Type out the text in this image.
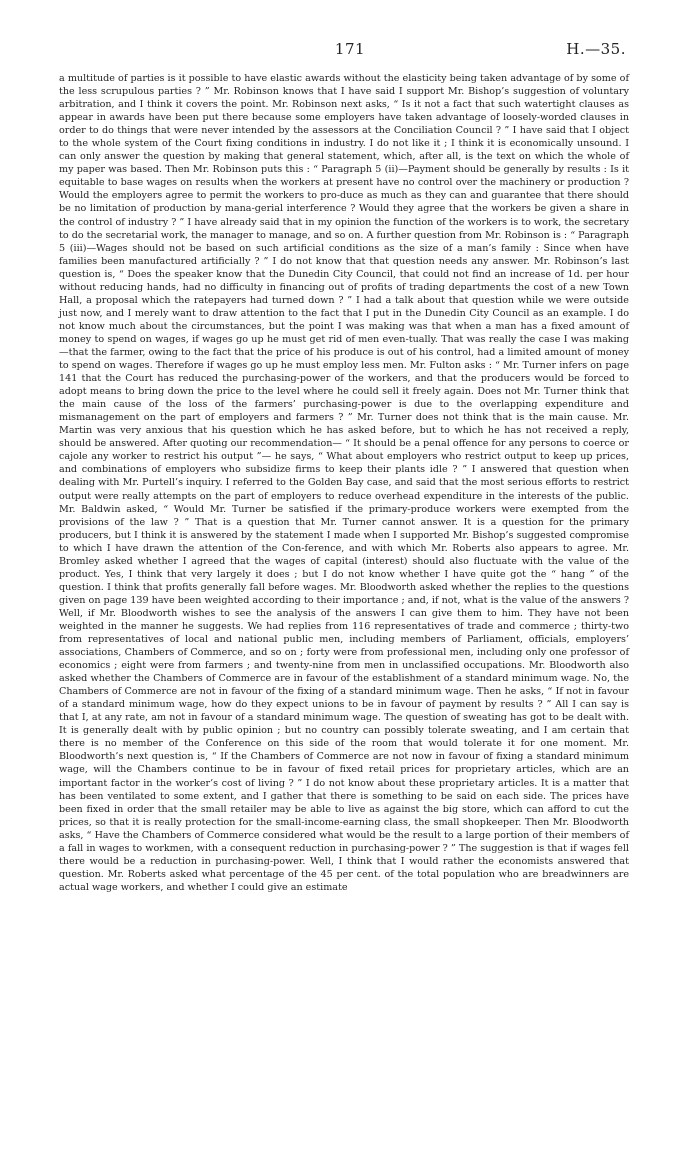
171	H.—35.

a multitude of parties is it possible to have elastic awards without the elasticity being taken advantage of by some of the less scrupulous parties ? ” Mr. Robinson knows that I have said I support Mr. Bishop’s suggestion of voluntary arbitration, and I think it covers the point. Mr. Robinson next asks, “ Is it not a fact that such watertight clauses as appear in awards have been put there because some employers have taken advantage of loosely-worded clauses in order to do things that were never intended by the assessors at the Conciliation Council ? ” I have said that I object to the whole system of the Court fixing conditions in industry. I do not like it ; I think it is economically unsound. I can only answer the question by making that general statement, which, after all, is the text on which the whole of my paper was based. Then Mr. Robinson puts this : “ Paragraph 5 (ii)—Payment should be generally by results : Is it equitable to base wages on results when the workers at present have no control over the machinery or production ? Would the employers agree to permit the workers to pro-duce as much as they can and guarantee that there should be no limitation of production by mana-gerial interference ? Would they agree that the workers be given a share in the control of industry ? ” I have already said that in my opinion the function of the workers is to work, the secretary to do the secretarial work, the manager to manage, and so on. A further question from Mr. Robinson is : “ Paragraph 5 (iii)—Wages should not be based on such artificial conditions as the size of a man’s family : Since when have families been manufactured artificially ? ” I do not know that that question needs any answer. Mr. Robinson’s last question is, “ Does the speaker know that the Dunedin City Council, that could not find an increase of 1d. per hour without reducing hands, had no difficulty in financing out of profits of trading departments the cost of a new Town Hall, a proposal which the ratepayers had turned down ? ” I had a talk about that question while we were outside just now, and I merely want to draw attention to the fact that I put in the Dunedin City Council as an example. I do not know much about the circumstances, but the point I was making was that when a man has a fixed amount of money to spend on wages, if wages go up he must get rid of men even-tually. That was really the case I was making—that the farmer, owing to the fact that the price of his produce is out of his control, had a limited amount of money to spend on wages. Therefore if wages go up he must employ less men. Mr. Fulton asks : “ Mr. Turner infers on page 141 that the Court has reduced the purchasing-power of the workers, and that the producers would be forced to adopt means to bring down the price to the level where he could sell it freely again. Does not Mr. Turner think that the main cause of the loss of the farmers’ purchasing-power is due to the overlapping expenditure and mismanagement on the part of employers and farmers ? ” Mr. Turner does not think that is the main cause. Mr. Martin was very anxious that his question which he has asked before, but to which he has not received a reply, should be answered. After quoting our recommendation— “ It should be a penal offence for any persons to coerce or cajole any worker to restrict his output ”— he says, “ What about employers who restrict output to keep up prices, and combinations of employers who subsidize firms to keep their plants idle ? ” I answered that question when dealing with Mr. Purtell’s inquiry. I referred to the Golden Bay case, and said that the most serious efforts to restrict output were really attempts on the part of employers to reduce overhead expenditure in the interests of the public. Mr. Baldwin asked, “ Would Mr. Turner be satisfied if the primary-produce workers were exempted from the provisions of the law ? ” That is a question that Mr. Turner cannot answer. It is a question for the primary producers, but I think it is answered by the statement I made when I supported Mr. Bishop’s suggested compromise to which I have drawn the attention of the Con-ference, and with which Mr. Roberts also appears to agree. Mr. Bromley asked whether I agreed that the wages of capital (interest) should also fluctuate with the value of the product. Yes, I think that very largely it does ; but I do not know whether I have quite got the “ hang ” of the question. I think that profits generally fall before wages. Mr. Bloodworth asked whether the replies to the questions given on page 139 have been weighted according to their importance ; and, if not, what is the value of the answers ? Well, if Mr. Bloodworth wishes to see the analysis of the answers I can give them to him. They have not been weighted in the manner he suggests. We had replies from 116 representatives of trade and commerce ; thirty-two from representatives of local and national public men, including members of Parliament, officials, employers’ associations, Chambers of Commerce, and so on ; forty were from professional men, including only one professor of economics ; eight were from farmers ; and twenty-nine from men in unclassified occupations. Mr. Bloodworth also asked whether the Chambers of Commerce are in favour of the establishment of a standard minimum wage. No, the Chambers of Commerce are not in favour of the fixing of a standard minimum wage. Then he asks, “ If not in favour of a standard minimum wage, how do they expect unions to be in favour of payment by results ? ” All I can say is that I, at any rate, am not in favour of a standard minimum wage. The question of sweating has got to be dealt with. It is generally dealt with by public opinion ; but no country can possibly tolerate sweating, and I am certain that there is no member of the Conference on this side of the room that would tolerate it for one moment. Mr. Bloodworth’s next question is, “ If the Chambers of Commerce are not now in favour of fixing a standard minimum wage, will the Chambers continue to be in favour of fixed retail prices for proprietary articles, which are an important factor in the worker’s cost of living ? ” I do not know about these proprietary articles. It is a matter that has been ventilated to some extent, and I gather that there is something to be said on each side. The prices have been fixed in order that the small retailer may be able to live as against the big store, which can afford to cut the prices, so that it is really protection for the small-income-earning class, the small shopkeeper. Then Mr. Bloodworth asks, “ Have the Chambers of Commerce considered what would be the result to a large portion of their members of a fall in wages to workmen, with a consequent reduction in purchasing-power ? ” The suggestion is that if wages fell there would be a reduction in purchasing-power. Well, I think that I would rather the economists answered that question. Mr. Roberts asked what percentage of the 45 per cent. of the total population who are breadwinners are actual wage workers, and whether I could give an estimate
